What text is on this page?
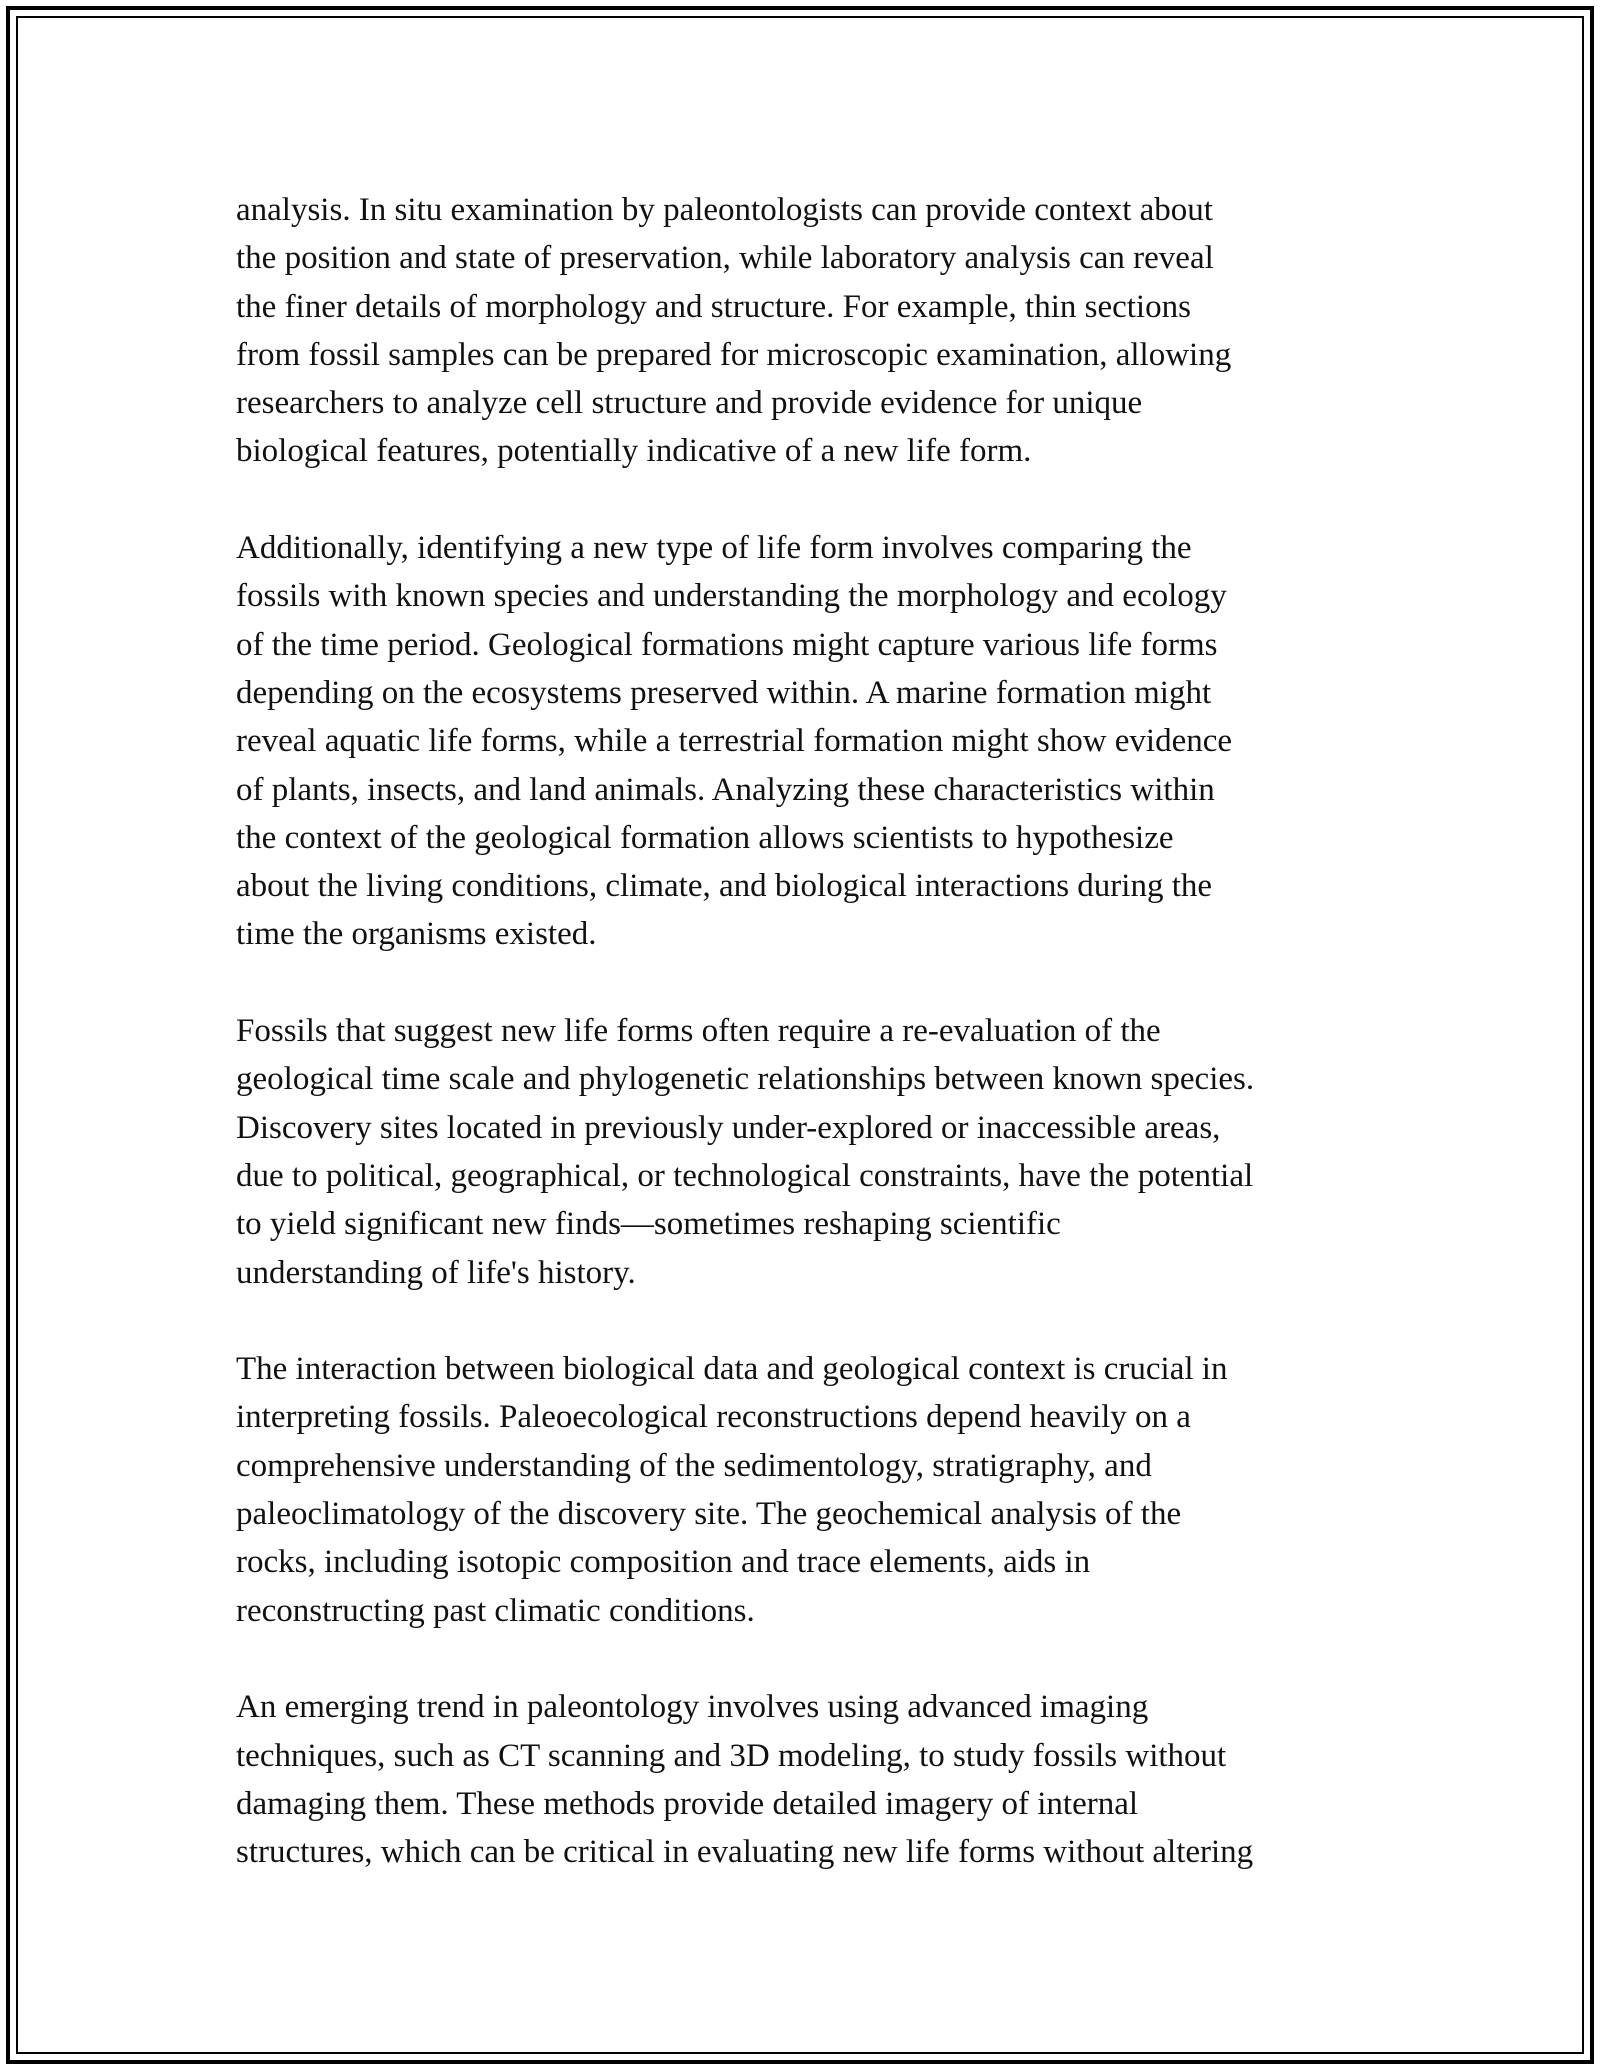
analysis. In situ examination by paleontologists can provide context about
the position and state of preservation, while laboratory analysis can reveal
the finer details of morphology and structure. For example, thin sections
from fossil samples can be prepared for microscopic examination, allowing
researchers to analyze cell structure and provide evidence for unique
biological features, potentially indicative of a new life form.

Additionally, identifying a new type of life form involves comparing the
fossils with known species and understanding the morphology and ecology
of the time period. Geological formations might capture various life forms
depending on the ecosystems preserved within. A marine formation might
reveal aquatic life forms, while a terrestrial formation might show evidence
of plants, insects, and land animals. Analyzing these characteristics within
the context of the geological formation allows scientists to hypothesize
about the living conditions, climate, and biological interactions during the
time the organisms existed.

Fossils that suggest new life forms often require a re-evaluation of the
geological time scale and phylogenetic relationships between known species.
Discovery sites located in previously under-explored or inaccessible areas,
due to political, geographical, or technological constraints, have the potential
to yield significant new finds—sometimes reshaping scientific
understanding of life's history.

The interaction between biological data and geological context is crucial in
interpreting fossils. Paleoecological reconstructions depend heavily on a
comprehensive understanding of the sedimentology, stratigraphy, and
paleoclimatology of the discovery site. The geochemical analysis of the
rocks, including isotopic composition and trace elements, aids in
reconstructing past climatic conditions.

An emerging trend in paleontology involves using advanced imaging
techniques, such as CT scanning and 3D modeling, to study fossils without
damaging them. These methods provide detailed imagery of internal
structures, which can be critical in evaluating new life forms without altering
